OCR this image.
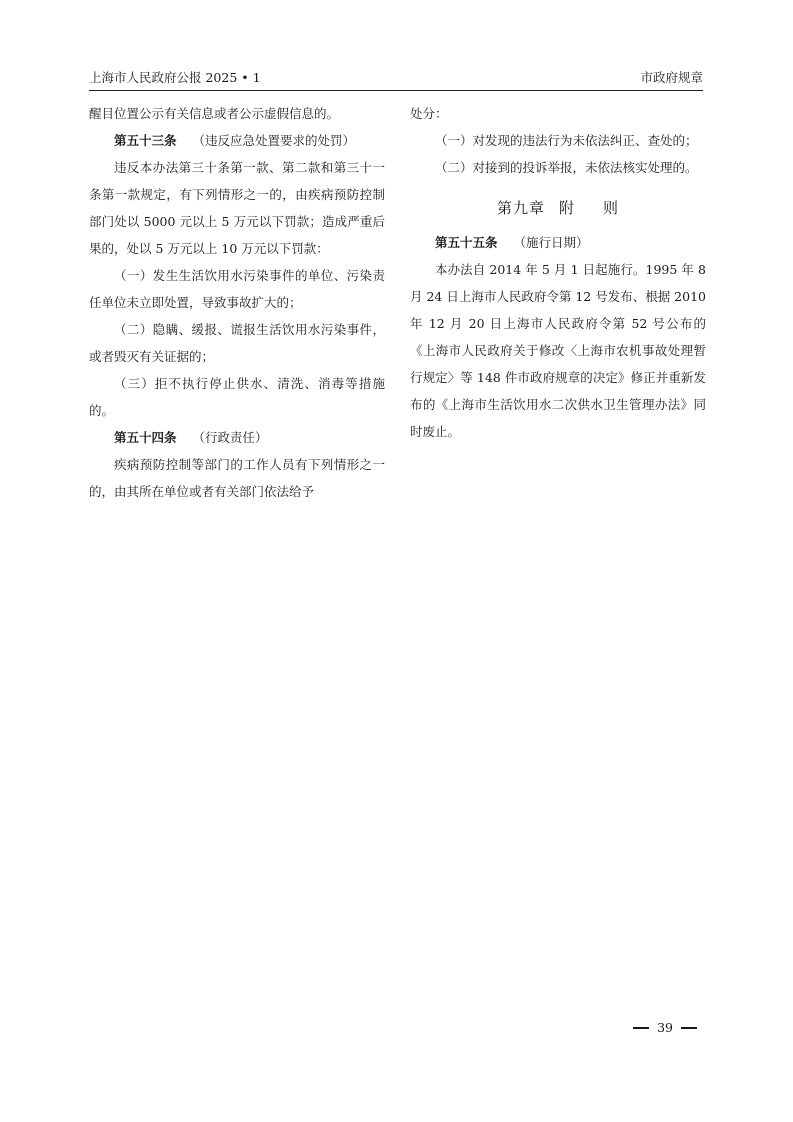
上海市人民政府公报 2025 • 1	市政府规章

醒目位置公示有关信息或者公示虚假信息的。

第五十三条 （违反应急处置要求的处罚）

违反本办法第三十条第一款、第二款和第三十一条第一款规定，有下列情形之一的，由疾病预防控制部门处以 5000 元以上 5 万元以下罚款；造成严重后果的，处以 5 万元以上 10 万元以下罚款：

（一）发生生活饮用水污染事件的单位、污染责任单位未立即处置，导致事故扩大的；

（二）隐瞒、缓报、谎报生活饮用水污染事件，或者毁灭有关证据的；

（三）拒不执行停止供水、清洗、消毒等措施的。

第五十四条 （行政责任）

疾病预防控制等部门的工作人员有下列情形之一的，由其所在单位或者有关部门依法给予

处分：

（一）对发现的违法行为未依法纠正、查处的；

（二）对接到的投诉举报，未依法核实处理的。

第九章 附 则

第五十五条 （施行日期）

本办法自 2014 年 5 月 1 日起施行。1995 年 8 月 24 日上海市人民政府令第 12 号发布、根据 2010 年 12 月 20 日上海市人民政府令第 52 号公布的《上海市人民政府关于修改〈上海市农机事故处理暂行规定〉等 148 件市政府规章的决定》修正并重新发布的《上海市生活饮用水二次供水卫生管理办法》同时废止。

39
